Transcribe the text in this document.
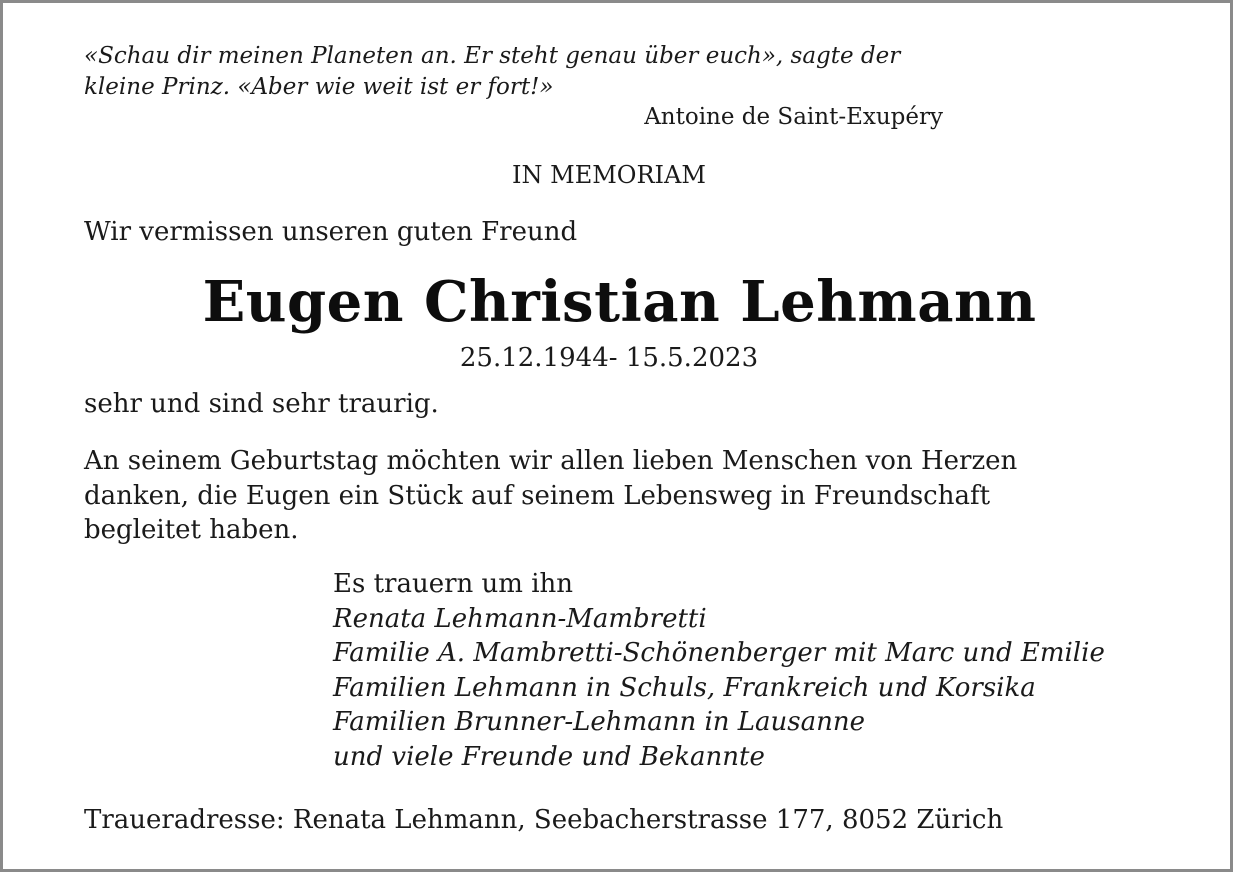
«Schau dir meinen Planeten an. Er steht genau über euch», sagte der
kleine Prinz. «Aber wie weit ist er fort!»
Antoine de Saint-Exupéry
IN MEMORIAM
Wir vermissen unseren guten Freund
Eugen Christian Lehmann
25.12.1944- 15.5.2023
sehr und sind sehr traurig.
An seinem Geburtstag möchten wir allen lieben Menschen von Herzen
danken, die Eugen ein Stück auf seinem Lebensweg in Freundschaft
begleitet haben.
Es trauern um ihn
Renata Lehmann-Mambretti
Familie A. Mambretti-Schönenberger mit Marc und Emilie
Familien Lehmann in Schuls, Frankreich und Korsika
Familien Brunner-Lehmann in Lausanne
und viele Freunde und Bekannte
Traueradresse: Renata Lehmann, Seebacherstrasse 177, 8052 Zürich
